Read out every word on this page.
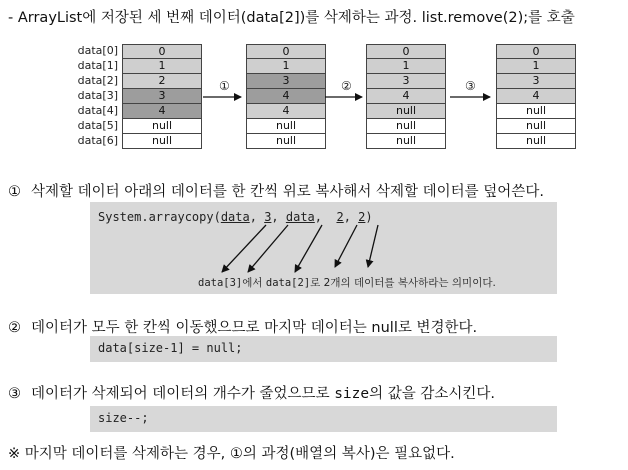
- ArrayList에 저장된 세 번째 데이터(data[2])를 삭제하는 과정. list.remove(2);를 호출
data[0]
data[1]
data[2]
data[3]
data[4]
data[5]
data[6]
0
1
2
3
4
null
null
0
1
3
4
4
null
null
0
1
3
4
null
null
null
0
1
3
4
null
null
null
①	②	③
① 삭제할 데이터 아래의 데이터를 한 칸씩 위로 복사해서 삭제할 데이터를 덮어쓴다.
System.arraycopy(data, 3, data,  2, 2)
data[3]에서 data[2]로 2개의 데이터를 복사하라는 의미이다.
② 데이터가 모두 한 칸씩 이동했으므로 마지막 데이터는 null로 변경한다.
data[size-1] = null;
③ 데이터가 삭제되어 데이터의 개수가 줄었으므로 size의 값을 감소시킨다.
size--;
※ 마지막 데이터를 삭제하는 경우, ①의 과정(배열의 복사)은 필요없다.
